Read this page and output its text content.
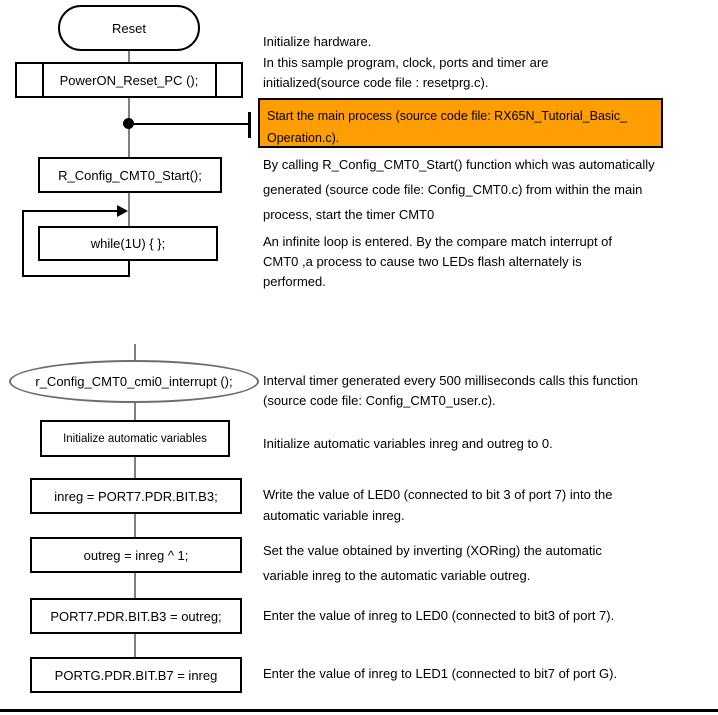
Reset
PowerON_Reset_PC ();
Start the main process (source code file: RX65N_Tutorial_Basic_
Operation.c).
R_Config_CMT0_Start();
while(1U) { };
r_Config_CMT0_cmi0_interrupt ();
Initialize automatic variables
inreg = PORT7.PDR.BIT.B3;
outreg = inreg ^ 1;
PORT7.PDR.BIT.B3 = outreg;
PORTG.PDR.BIT.B7 = inreg
Initialize hardware.
In this sample program, clock, ports and timer are
initialized(source code file : resetprg.c).
By calling R_Config_CMT0_Start() function which was automatically
generated (source code file: Config_CMT0.c) from within the main
process, start the timer CMT0
An infinite loop is entered. By the compare match interrupt of
CMT0 ,a process to cause two LEDs flash alternately is
performed.
Interval timer generated every 500 milliseconds calls this function
(source code file: Config_CMT0_user.c).
Initialize automatic variables inreg and outreg to 0.
Write the value of LED0 (connected to bit 3 of port 7) into the
automatic variable inreg.
Set the value obtained by inverting (XORing) the automatic
variable inreg to the automatic variable outreg.
Enter the value of inreg to LED0 (connected to bit3 of port 7).
Enter the value of inreg to LED1 (connected to bit7 of port G).
